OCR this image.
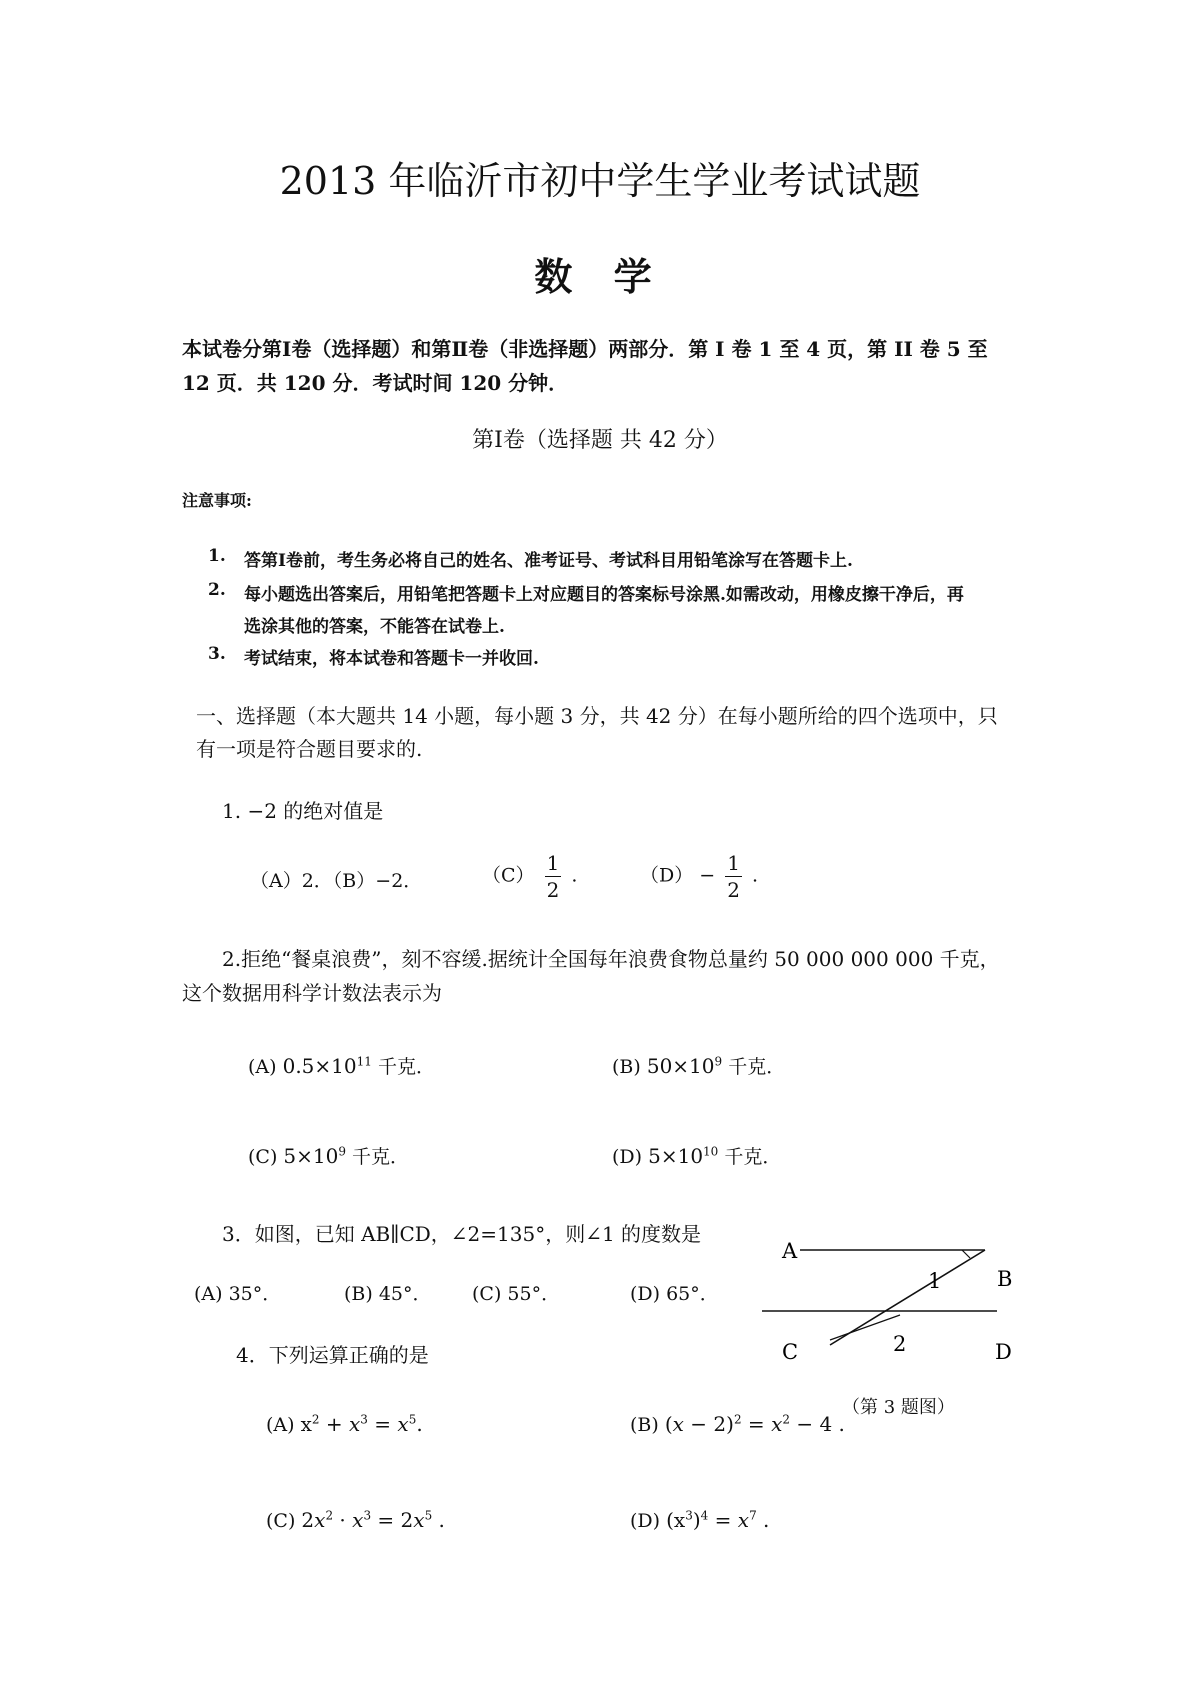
2013 年临沂市初中学生学业考试试题
数 学
本试卷分第Ⅰ卷（选择题）和第Ⅱ卷（非选择题）两部分．第 I 卷 1 至 4 页，第 II 卷 5 至
12 页．共 120 分．考试时间 120 分钟．
第Ⅰ卷（选择题 共 42 分）
注意事项:
1. 答第Ⅰ卷前，考生务必将自己的姓名、准考证号、考试科目用铅笔涂写在答题卡上.
2. 每小题选出答案后，用铅笔把答题卡上对应题目的答案标号涂黑.如需改动，用橡皮擦干净后，再
选涂其他的答案，不能答在试卷上.
3. 考试结束，将本试卷和答题卡一并收回.
一、选择题（本大题共 14 小题，每小题 3 分，共 42 分）在每小题所给的四个选项中，只
有一项是符合题目要求的.
1. −2 的绝对值是
（A）2．（B）−2．	$(C) \frac{1}{2}$ .	$(D) - \frac{1}{2}$ .
2.拒绝“餐桌浪费”，刻不容缓.据统计全国每年浪费食物总量约 50 000 000 000 千克，
这个数据用科学计数法表示为
(A) $0.5\times 10^{11}$ 千克．	(B) $50\times 10^9$ 千克．
(C) $5\times 10^9$ 千克．	(D) $5\times 10^{10}$ 千克．
3．如图，已知 AB∥CD，∠2=135°，则∠1 的度数是
(A) 35°．	(B) 45°． (C) 55°．	(D) 65°．
A
B
C	D
1
2
（第 3 题图）
4．下列运算正确的是
(A) $x^2 + x^3 = x^5$.	(B) $(x - 2)^2 = x^2 - 4$ .
(C) $2x^2 \cdot x^3 = 2x^5$ .	(D) $(x^3)^4 = x^7$ .
